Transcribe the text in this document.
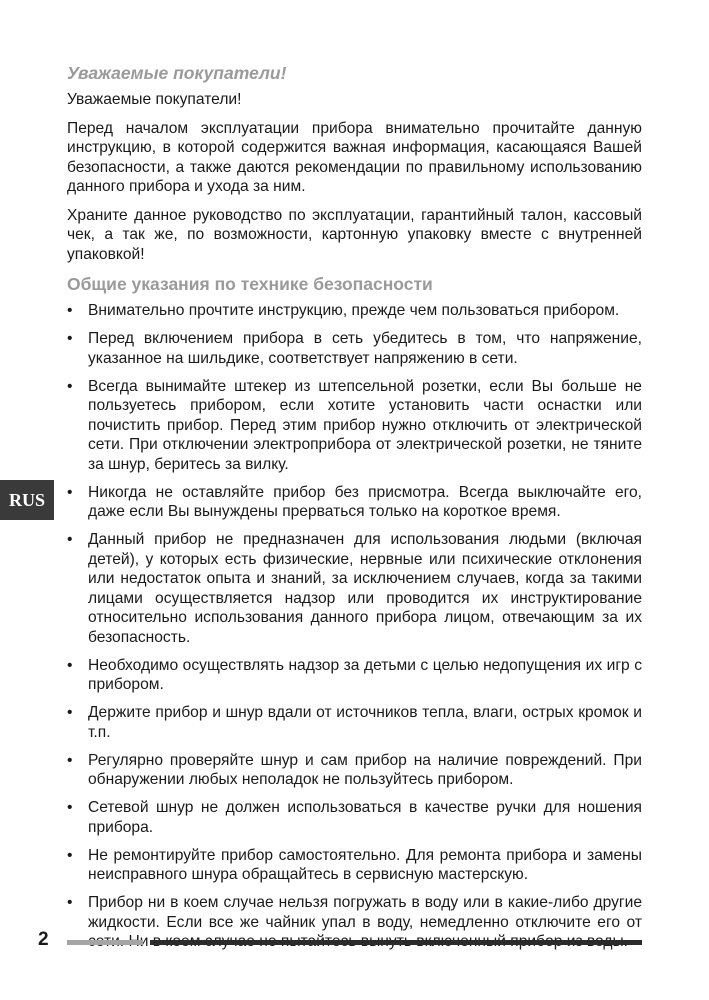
Уважаемые покупатели!

Уважаемые покупатели!

Перед началом эксплуатации прибора внимательно прочитайте данную инструкцию, в которой содержится важная информация, касающаяся Вашей безопасности, а также даются рекомендации по правильному использованию данного прибора и ухода за ним.

Храните данное руководство по эксплуатации, гарантийный талон, кассовый чек, а так же, по возможности, картонную упаковку вместе с внутренней упаковкой!

Общие указания по технике безопасности
• Внимательно прочтите инструкцию, прежде чем пользоваться прибором.
• Перед включением прибора в сеть убедитесь в том, что напряжение, указанное на шильдике, соответствует напряжению в сети.
• Всегда вынимайте штекер из штепсельной розетки, если Вы больше не пользуетесь прибором, если хотите установить части оснастки или почистить прибор. Перед этим прибор нужно отключить от электрической сети. При отключении электроприбора от электрической розетки, не тяните за шнур, беритесь за вилку.
• Никогда не оставляйте прибор без присмотра. Всегда выключайте его, даже если Вы вынуждены прерваться только на короткое время.
• Данный прибор не предназначен для использования людьми (включая детей), у которых есть физические, нервные или психические отклонения или недостаток опыта и знаний, за исключением случаев, когда за такими лицами осуществляется надзор или проводится их инструктирование относительно использования данного прибора лицом, отвечающим за их безопасность.
• Необходимо осуществлять надзор за детьми с целью недопущения их игр с прибором.
• Держите прибор и шнур вдали от источников тепла, влаги, острых кромок и т.п.
• Регулярно проверяйте шнур и сам прибор на наличие повреждений. При обнаружении любых неполадок не пользуйтесь прибором.
• Сетевой шнур не должен использоваться в качестве ручки для ношения прибора.
• Не ремонтируйте прибор самостоятельно. Для ремонта прибора и замены неисправного шнура обращайтесь в сервисную мастерскую.
• Прибор ни в коем случае нельзя погружать в воду или в какие-либо другие жидкости. Если все же чайник упал в воду, немедленно отключите его от
RUS
2
